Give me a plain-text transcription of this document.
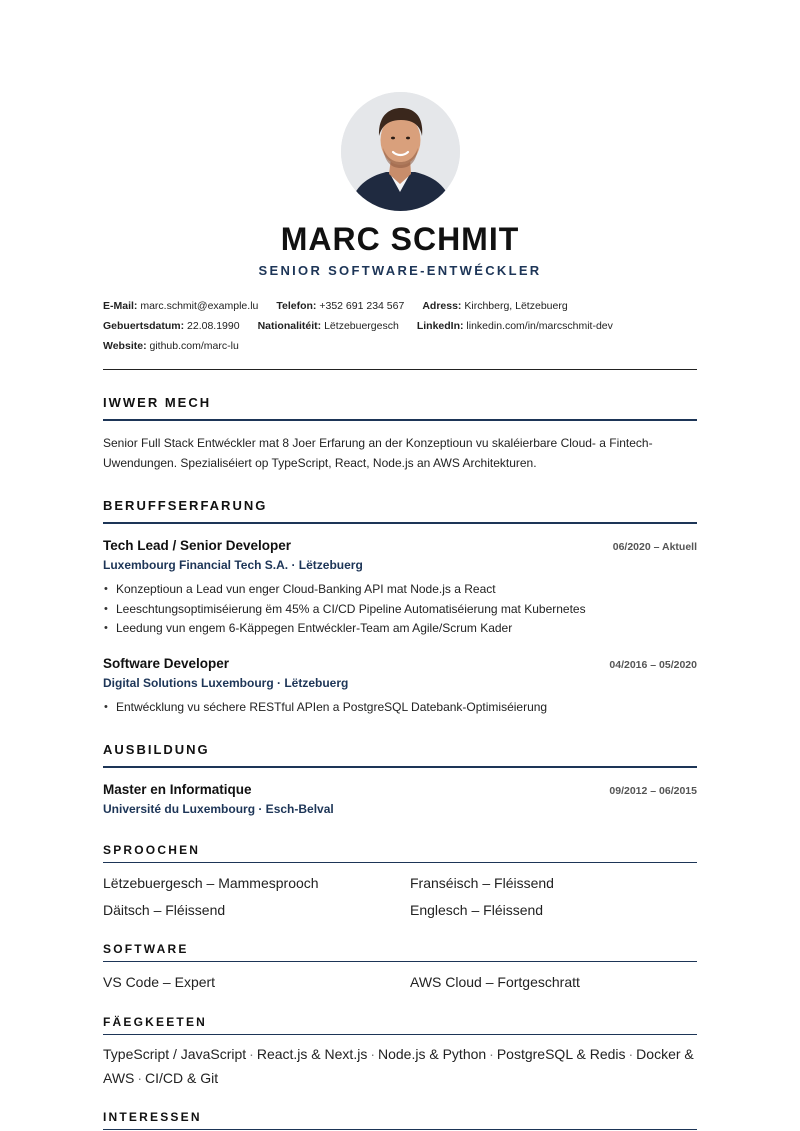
MARC SCHMIT
SENIOR SOFTWARE-ENTWÉCKLER
E-Mail: marc.schmit@example.lu Telefon: +352 691 234 567 Adress: Kirchberg, Lëtzebuerg
Gebuertsdatum: 22.08.1990 Nationalitéit: Lëtzebuergesch LinkedIn: linkedin.com/in/marcschmit-dev
Website: github.com/marc-lu
IWWER MECH
Senior Full Stack Entwéckler mat 8 Joer Erfarung an der Konzeptioun vu skaléierbare Cloud- a Fintech-Uwendungen. Spezialiséiert op TypeScript, React, Node.js an AWS Architekturen.
BERUFFSERFARUNG
Tech Lead / Senior Developer	06/2020 – Aktuell
Luxembourg Financial Tech S.A. · Lëtzebuerg
• Konzeptioun a Lead vun enger Cloud-Banking API mat Node.js a React
• Leeschtungsoptimiséierung ëm 45% a CI/CD Pipeline Automatiséierung mat Kubernetes
• Leedung vun engem 6-Käppegen Entwéckler-Team am Agile/Scrum Kader
Software Developer	04/2016 – 05/2020
Digital Solutions Luxembourg · Lëtzebuerg
• Entwécklung vu séchere RESTful APIen a PostgreSQL Datebank-Optimiséierung
AUSBILDUNG
Master en Informatique	09/2012 – 06/2015
Université du Luxembourg · Esch-Belval
SPROOCHEN
Lëtzebuergesch – Mammesprooch	Franséisch – Fléissend
Däitsch – Fléissend	Englesch – Fléissend
SOFTWARE
VS Code – Expert	AWS Cloud – Fortgeschratt
FÄEGKEETEN
TypeScript / JavaScript · React.js & Next.js · Node.js & Python · PostgreSQL & Redis · Docker & AWS · CI/CD & Git
INTERESSEN
